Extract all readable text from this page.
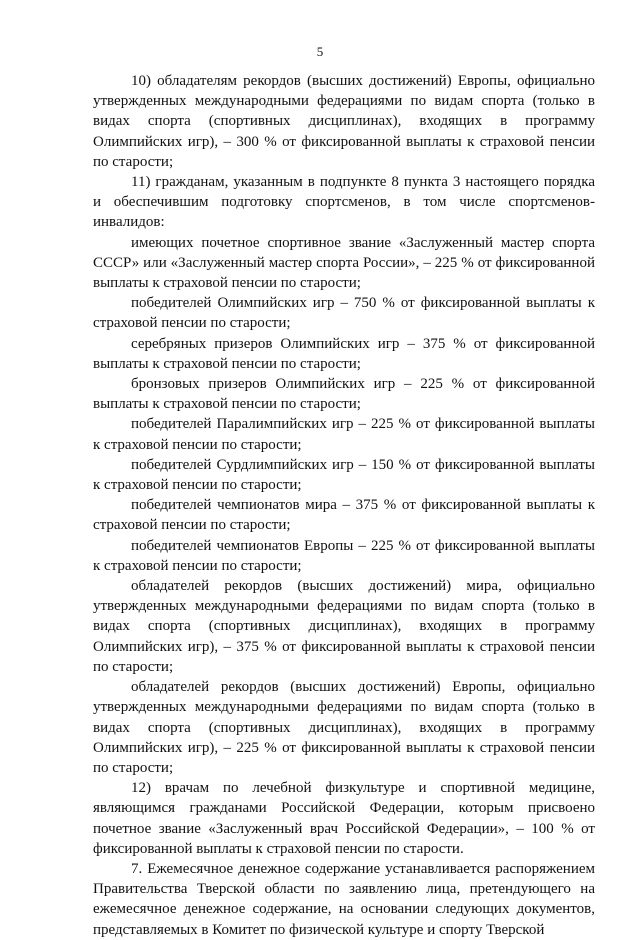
5

10) обладателям рекордов (высших достижений) Европы, официально утвержденных международными федерациями по видам спорта (только в видах спорта (спортивных дисциплинах), входящих в программу Олимпийских игр), – 300 % от фиксированной выплаты к страховой пенсии по старости;

11) гражданам, указанным в подпункте 8 пункта 3 настоящего порядка и обеспечившим подготовку спортсменов, в том числе спортсменов-инвалидов:

имеющих почетное спортивное звание «Заслуженный мастер спорта СССР» или «Заслуженный мастер спорта России», – 225 % от фиксированной выплаты к страховой пенсии по старости;

победителей Олимпийских игр – 750 % от фиксированной выплаты к страховой пенсии по старости;

серебряных призеров Олимпийских игр – 375 % от фиксированной выплаты к страховой пенсии по старости;

бронзовых призеров Олимпийских игр – 225 % от фиксированной выплаты к страховой пенсии по старости;

победителей Паралимпийских игр – 225 % от фиксированной выплаты к страховой пенсии по старости;

победителей Сурдлимпийских игр – 150 % от фиксированной выплаты к страховой пенсии по старости;

победителей чемпионатов мира – 375 % от фиксированной выплаты к страховой пенсии по старости;

победителей чемпионатов Европы – 225 % от фиксированной выплаты к страховой пенсии по старости;

обладателей рекордов (высших достижений) мира, официально утвержденных международными федерациями по видам спорта (только в видах спорта (спортивных дисциплинах), входящих в программу Олимпийских игр), – 375 % от фиксированной выплаты к страховой пенсии по старости;

обладателей рекордов (высших достижений) Европы, официально утвержденных международными федерациями по видам спорта (только в видах спорта (спортивных дисциплинах), входящих в программу Олимпийских игр), – 225 % от фиксированной выплаты к страховой пенсии по старости;

12) врачам по лечебной физкультуре и спортивной медицине, являющимся гражданами Российской Федерации, которым присвоено почетное звание «Заслуженный врач Российской Федерации», – 100 % от фиксированной выплаты к страховой пенсии по старости.

7. Ежемесячное денежное содержание устанавливается распоряжением Правительства Тверской области по заявлению лица, претендующего на ежемесячное денежное содержание, на основании следующих документов, представляемых в Комитет по физической культуре и спорту Тверской
